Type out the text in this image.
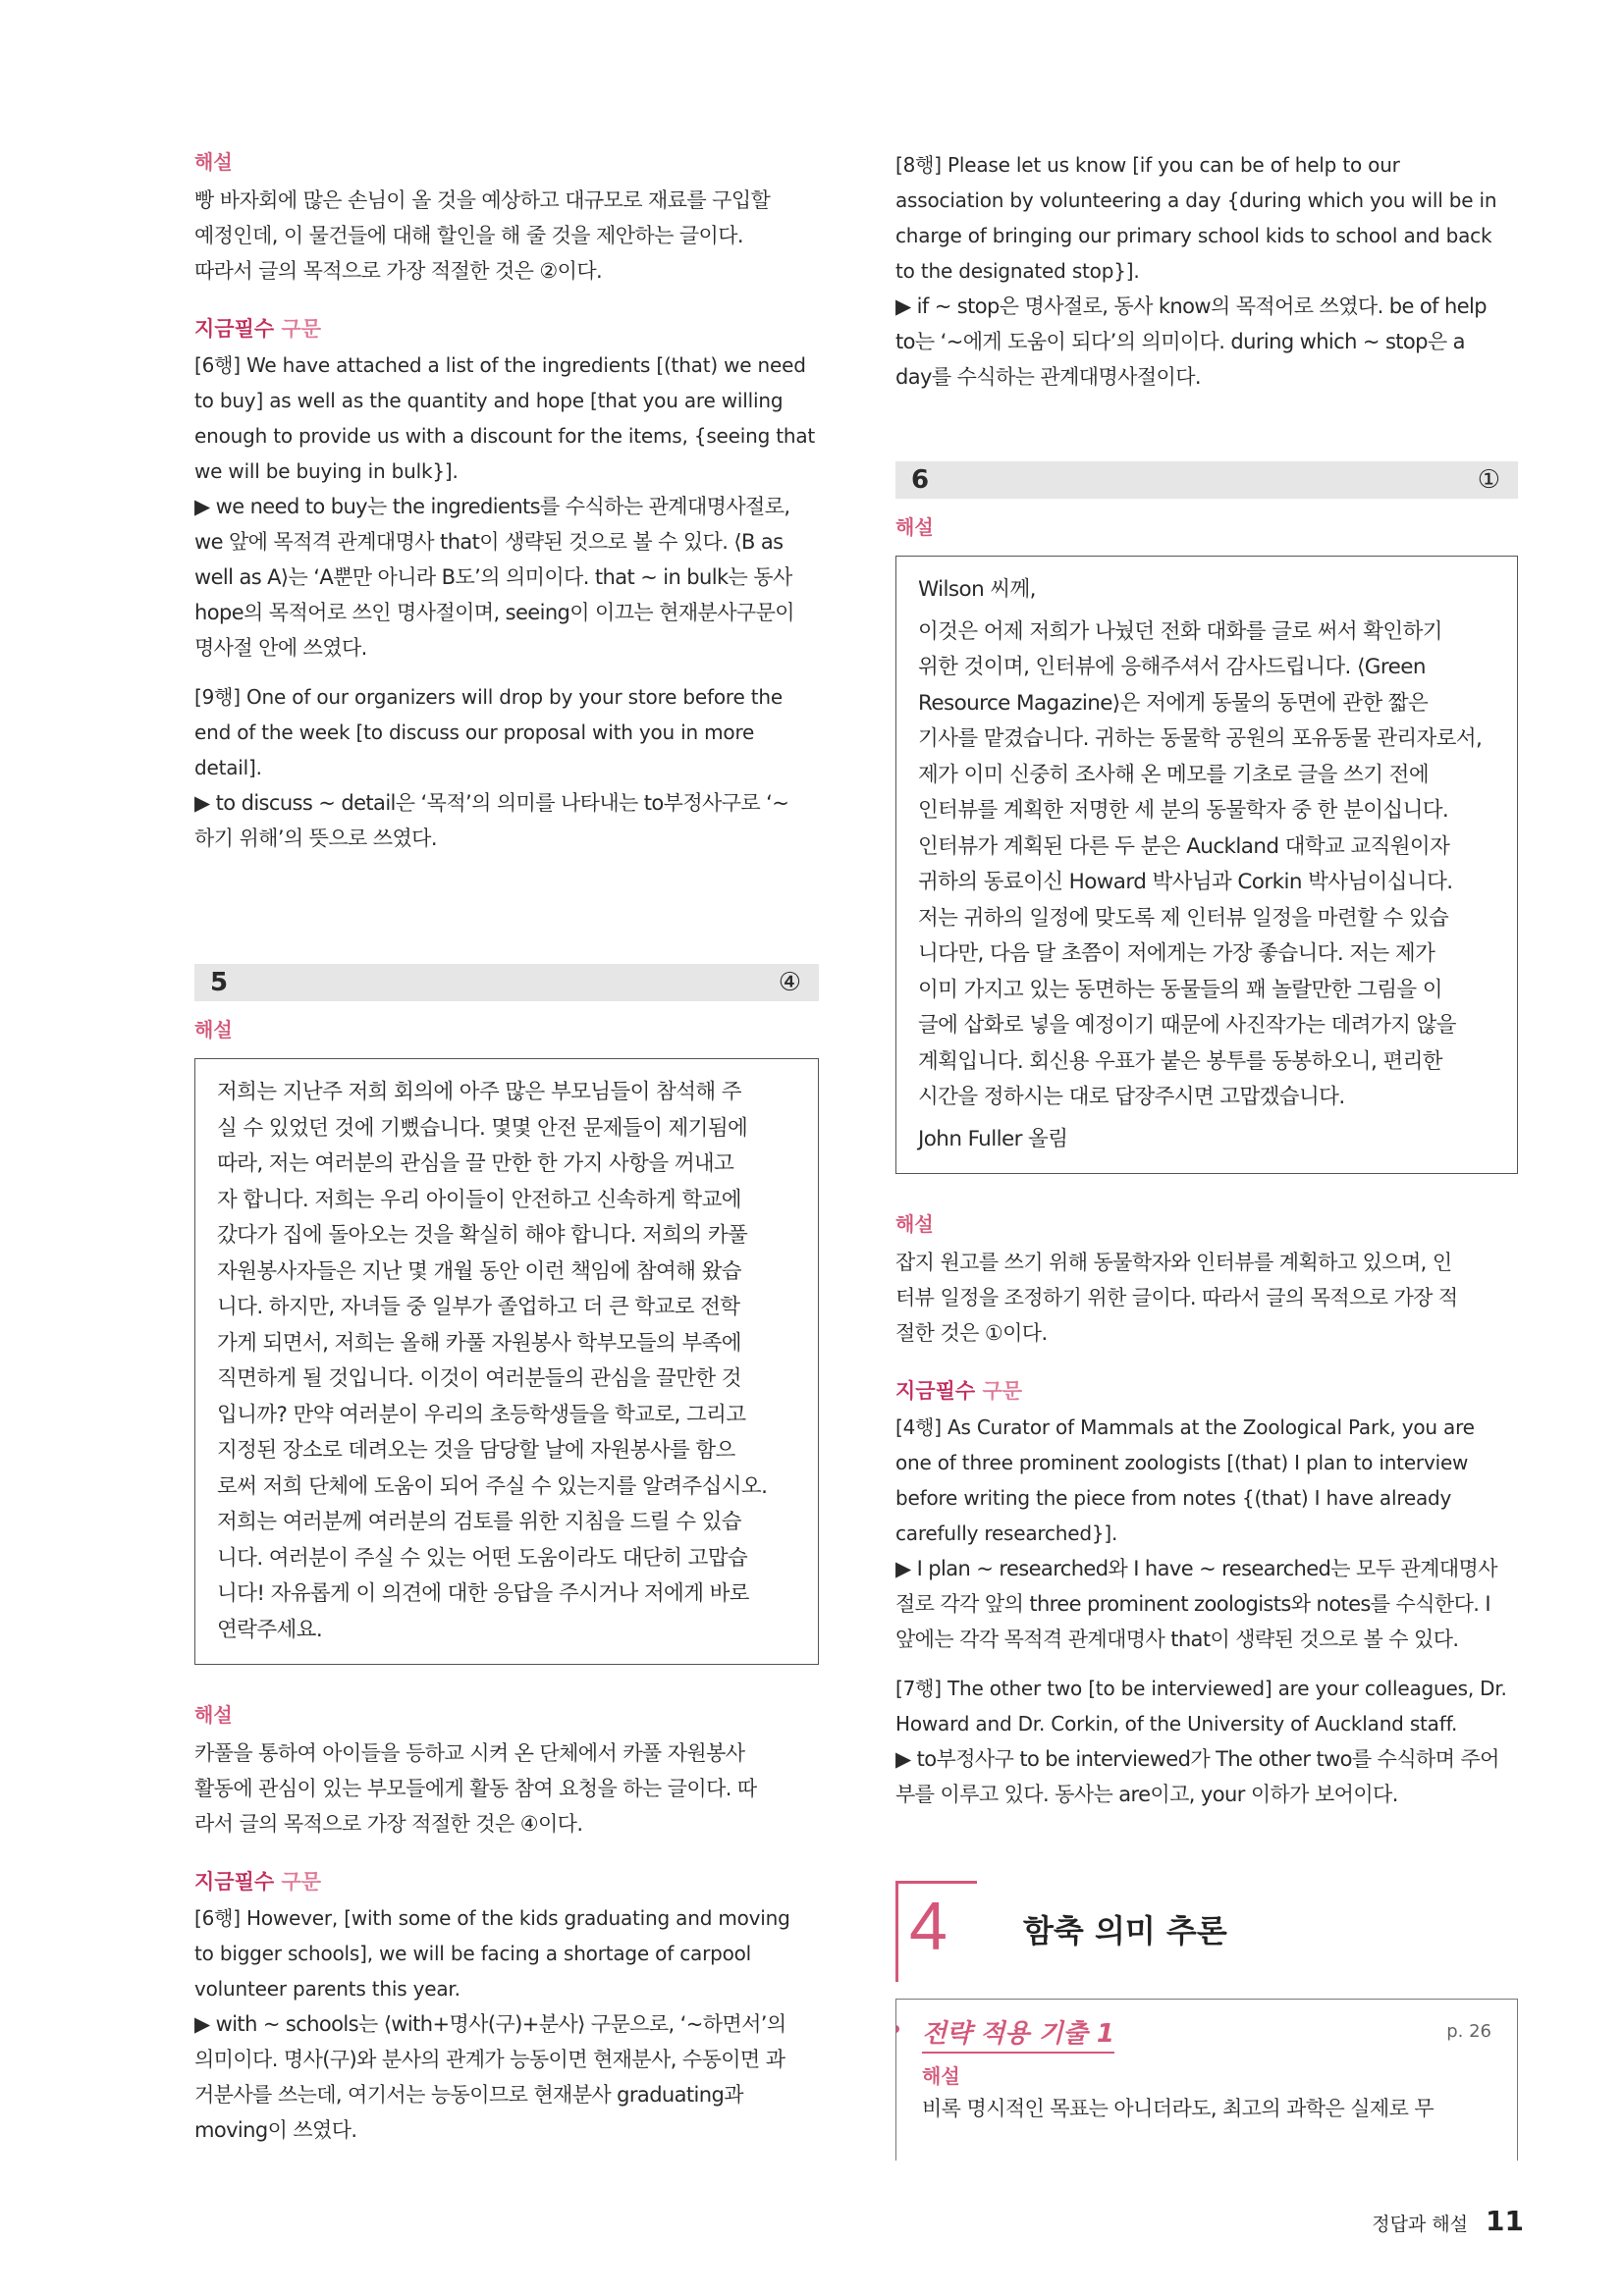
해설

빵 바자회에 많은 손님이 올 것을 예상하고 대규모로 재료를 구입할

예정인데, 이 물건들에 대해 할인을 해 줄 것을 제안하는 글이다.

따라서 글의 목적으로 가장 적절한 것은 ②이다.

지금필수 구문

[6행] We have attached a list of the ingredients [(that) we need

to buy] as well as the quantity and hope [that you are willing

enough to provide us with a discount for the items, {seeing that

we will be buying in bulk}].

▶ we need to buy는 the ingredients를 수식하는 관계대명사절로,

we 앞에 목적격 관계대명사 that이 생략된 것으로 볼 수 있다. ⟨B as

well as A⟩는 ‘A뿐만 아니라 B도’의 의미이다. that ~ in bulk는 동사

hope의 목적어로 쓰인 명사절이며, seeing이 이끄는 현재분사구문이

명사절 안에 쓰였다.

[9행] One of our organizers will drop by your store before the

end of the week [to discuss our proposal with you in more

detail].

▶ to discuss ~ detail은 ‘목적’의 의미를 나타내는 to부정사구로 ‘~

하기 위해’의 뜻으로 쓰였다.

5	④
해설

저희는 지난주 저희 회의에 아주 많은 부모님들이 참석해 주

실 수 있었던 것에 기뻤습니다. 몇몇 안전 문제들이 제기됨에

따라, 저는 여러분의 관심을 끌 만한 한 가지 사항을 꺼내고

자 합니다. 저희는 우리 아이들이 안전하고 신속하게 학교에

갔다가 집에 돌아오는 것을 확실히 해야 합니다. 저희의 카풀

자원봉사자들은 지난 몇 개월 동안 이런 책임에 참여해 왔습

니다. 하지만, 자녀들 중 일부가 졸업하고 더 큰 학교로 전학

가게 되면서, 저희는 올해 카풀 자원봉사 학부모들의 부족에

직면하게 될 것입니다. 이것이 여러분들의 관심을 끌만한 것

입니까? 만약 여러분이 우리의 초등학생들을 학교로, 그리고

지정된 장소로 데려오는 것을 담당할 날에 자원봉사를 함으

로써 저희 단체에 도움이 되어 주실 수 있는지를 알려주십시오.

저희는 여러분께 여러분의 검토를 위한 지침을 드릴 수 있습

니다. 여러분이 주실 수 있는 어떤 도움이라도 대단히 고맙습

니다! 자유롭게 이 의견에 대한 응답을 주시거나 저에게 바로

연락주세요.

해설

카풀을 통하여 아이들을 등하교 시켜 온 단체에서 카풀 자원봉사

활동에 관심이 있는 부모들에게 활동 참여 요청을 하는 글이다. 따

라서 글의 목적으로 가장 적절한 것은 ④이다.

지금필수 구문

[6행] However, [with some of the kids graduating and moving

to bigger schools], we will be facing a shortage of carpool

volunteer parents this year.

▶ with ~ schools는 ⟨with+명사(구)+분사⟩ 구문으로, ‘~하면서’의

의미이다. 명사(구)와 분사의 관계가 능동이면 현재분사, 수동이면 과

거분사를 쓰는데, 여기서는 능동이므로 현재분사 graduating과

moving이 쓰였다.

[8행] Please let us know [if you can be of help to our

association by volunteering a day {during which you will be in

charge of bringing our primary school kids to school and back

to the designated stop}].

▶ if ~ stop은 명사절로, 동사 know의 목적어로 쓰였다. be of help

to는 ‘~에게 도움이 되다’의 의미이다. during which ~ stop은 a

day를 수식하는 관계대명사절이다.

6	①
해설

Wilson 씨께,

이것은 어제 저희가 나눴던 전화 대화를 글로 써서 확인하기

위한 것이며, 인터뷰에 응해주셔서 감사드립니다. ⟨Green

Resource Magazine⟩은 저에게 동물의 동면에 관한 짧은

기사를 맡겼습니다. 귀하는 동물학 공원의 포유동물 관리자로서,

제가 이미 신중히 조사해 온 메모를 기초로 글을 쓰기 전에

인터뷰를 계획한 저명한 세 분의 동물학자 중 한 분이십니다.

인터뷰가 계획된 다른 두 분은 Auckland 대학교 교직원이자

귀하의 동료이신 Howard 박사님과 Corkin 박사님이십니다.

저는 귀하의 일정에 맞도록 제 인터뷰 일정을 마련할 수 있습

니다만, 다음 달 초쯤이 저에게는 가장 좋습니다. 저는 제가

이미 가지고 있는 동면하는 동물들의 꽤 놀랄만한 그림을 이

글에 삽화로 넣을 예정이기 때문에 사진작가는 데려가지 않을

계획입니다. 회신용 우표가 붙은 봉투를 동봉하오니, 편리한

시간을 정하시는 대로 답장주시면 고맙겠습니다.

John Fuller 올림

해설

잡지 원고를 쓰기 위해 동물학자와 인터뷰를 계획하고 있으며, 인

터뷰 일정을 조정하기 위한 글이다. 따라서 글의 목적으로 가장 적

절한 것은 ①이다.

지금필수 구문

[4행] As Curator of Mammals at the Zoological Park, you are

one of three prominent zoologists [(that) I plan to interview

before writing the piece from notes {(that) I have already

carefully researched}].

▶ I plan ~ researched와 I have ~ researched는 모두 관계대명사

절로 각각 앞의 three prominent zoologists와 notes를 수식한다. I

앞에는 각각 목적격 관계대명사 that이 생략된 것으로 볼 수 있다.

[7행] The other two [to be interviewed] are your colleagues, Dr.

Howard and Dr. Corkin, of the University of Auckland staff.

▶ to부정사구 to be interviewed가 The other two를 수식하며 주어

부를 이루고 있다. 동사는 are이고, your 이하가 보어이다.

4 함축 의미 추론
전략 적용 기출 1	p. 26
해설

비록 명시적인 목표는 아니더라도, 최고의 과학은 실제로 무

정답과 해설 11
